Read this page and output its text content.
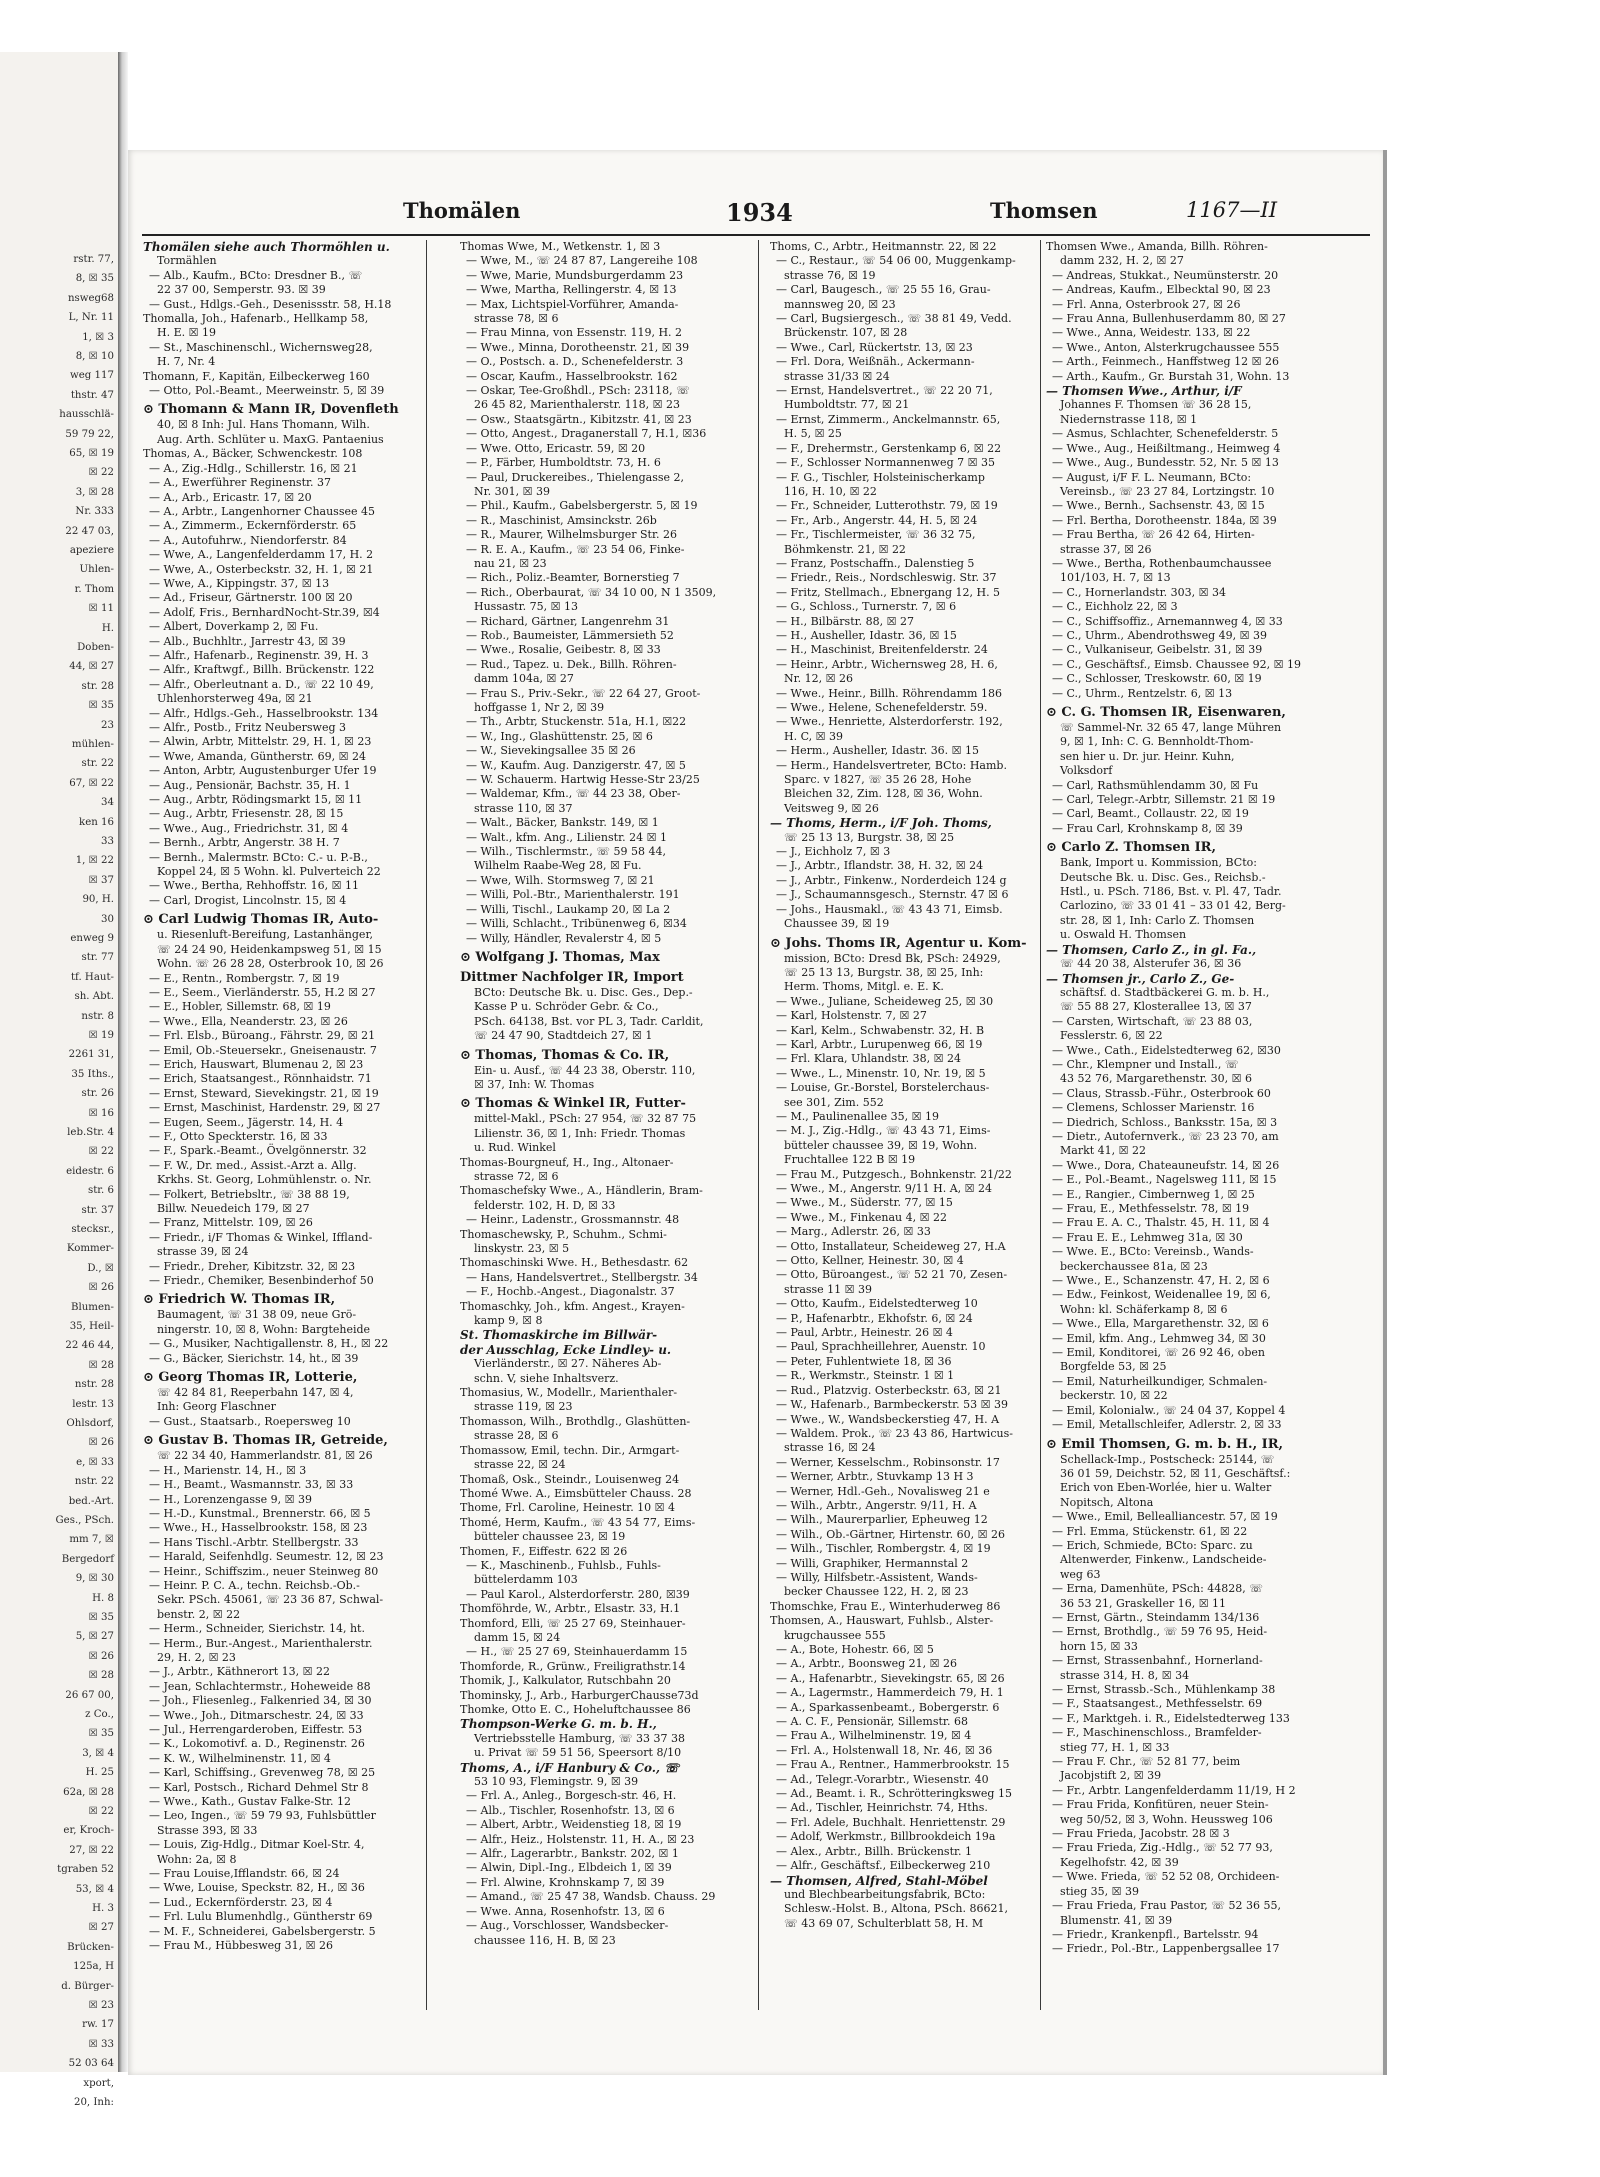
rstr. 77,
8, ☒ 35
nsweg68
L, Nr. 11
1, ☒ 3
8, ☒ 10
weg 117
thstr. 47
hausschlä-
59 79 22,
65, ☒ 19
☒ 22
3, ☒ 28
Nr. 333
22 47 03,
apeziere
Uhlen-
r. Thom
☒ 11
H.
Doben-
44, ☒ 27
str. 28
☒ 35
23
mühlen-
str. 22
67, ☒ 22
34
ken 16
33
1, ☒ 22
☒ 37
90, H.
30
enweg 9
str. 77
tf. Haut-
sh. Abt.
nstr. 8
☒ 19
2261 31,
35 Iths.,
str. 26
☒ 16
leb.Str. 4
☒ 22
eidestr. 6
str. 6
str. 37
stecksr.,
Kommer-
D., ☒
☒ 26
Blumen-
35, Heil-
22 46 44,
☒ 28
nstr. 28
lestr. 13
Ohlsdorf,
☒ 26
e, ☒ 33
nstr. 22
bed.-Art.
Ges., PSch.
mm 7, ☒
Bergedorf
9, ☒ 30
H. 8
☒ 35
5, ☒ 27
☒ 26
☒ 28
26 67 00,
z Co.,
☒ 35
3, ☒ 4
H. 25
62a, ☒ 28
☒ 22
er, Kroch-
27, ☒ 22
tgraben 52
53, ☒ 4
H. 3
☒ 27
Brücken-
125a, H
d. Bürger-
☒ 23
rw. 17
☒ 33
52 03 64
xport,
20, Inh:
Thomälen	1934	Thomsen	1167—II
Thomälen siehe auch Thormöhlen u.
Tormählen
— Alb., Kaufm., BCto: Dresdner B., ☏
22 37 00, Semperstr. 93. ☒ 39
— Gust., Hdlgs.-Geh., Desenissstr. 58, H.18
Thomalla, Joh., Hafenarb., Hellkamp 58,
H. E. ☒ 19
— St., Maschinenschl., Wichernsweg28,
H. 7, Nr. 4
Thomann, F., Kapitän, Eilbeckerweg 160
— Otto, Pol.-Beamt., Meerweinstr. 5, ☒ 39
⊙ Thomann & Mann IR, Dovenfleth
40, ☒ 8 Inh: Jul. Hans Thomann, Wilh.
Aug. Arth. Schlüter u. MaxG. Pantaenius
Thomas, A., Bäcker, Schwenckestr. 108
— A., Zig.-Hdlg., Schillerstr. 16, ☒ 21
— A., Ewerführer Reginenstr. 37
— A., Arb., Ericastr. 17, ☒ 20
— A., Arbtr., Langenhorner Chaussee 45
— A., Zimmerm., Eckernförderstr. 65
— A., Autofuhrw., Niendorferstr. 84
— Wwe, A., Langenfelderdamm 17, H. 2
— Wwe, A., Osterbeckstr. 32, H. 1, ☒ 21
— Wwe, A., Kippingstr. 37, ☒ 13
— Ad., Friseur, Gärtnerstr. 100 ☒ 20
— Adolf, Fris., BernhardNocht-Str.39, ☒4
— Albert, Doverkamp 2, ☒ Fu.
— Alb., Buchhltr., Jarrestr 43, ☒ 39
— Alfr., Hafenarb., Reginenstr. 39, H. 3
— Alfr., Kraftwgf., Billh. Brückenstr. 122
— Alfr., Oberleutnant a. D., ☏ 22 10 49,
Uhlenhorsterweg 49a, ☒ 21
— Alfr., Hdlgs.-Geh., Hasselbrookstr. 134
— Alfr., Postb., Fritz Neubersweg 3
— Alwin, Arbtr, Mittelstr. 29, H. 1, ☒ 23
— Wwe, Amanda, Güntherstr. 69, ☒ 24
— Anton, Arbtr, Augustenburger Ufer 19
— Aug., Pensionär, Bachstr. 35, H. 1
— Aug., Arbtr, Rödingsmarkt 15, ☒ 11
— Aug., Arbtr, Friesenstr. 28, ☒ 15
— Wwe., Aug., Friedrichstr. 31, ☒ 4
— Bernh., Arbtr, Angerstr. 38 H. 7
— Bernh., Malermstr. BCto: C.- u. P.-B.,
Koppel 24, ☒ 5 Wohn. kl. Pulverteich 22
— Wwe., Bertha, Rehhoffstr. 16, ☒ 11
— Carl, Drogist, Lincolnstr. 15, ☒ 4
⊙ Carl Ludwig Thomas IR, Auto-
u. Riesenluft-Bereifung, Lastanhänger,
☏ 24 24 90, Heidenkampsweg 51, ☒ 15
Wohn. ☏ 26 28 28, Osterbrook 10, ☒ 26
— E., Rentn., Rombergstr. 7, ☒ 19
— E., Seem., Vierländerstr. 55, H.2 ☒ 27
— E., Hobler, Sillemstr. 68, ☒ 19
— Wwe., Ella, Neanderstr. 23, ☒ 26
— Frl. Elsb., Büroang., Fährstr. 29, ☒ 21
— Emil, Ob.-Steuersekr., Gneisenaustr. 7
— Erich, Hauswart, Blumenau 2, ☒ 23
— Erich, Staatsangest., Rönnhaidstr. 71
— Ernst, Steward, Sievekingstr. 21, ☒ 19
— Ernst, Maschinist, Hardenstr. 29, ☒ 27
— Eugen, Seem., Jägerstr. 14, H. 4
— F., Otto Speckterstr. 16, ☒ 33
— F., Spark.-Beamt., Övelgönnerstr. 32
— F. W., Dr. med., Assist.-Arzt a. Allg.
Krkhs. St. Georg, Lohmühlenstr. o. Nr.
— Folkert, Betriebsltr., ☏ 38 88 19,
Billw. Neuedeich 179, ☒ 27
— Franz, Mittelstr. 109, ☒ 26
— Friedr., i/F Thomas & Winkel, Iffland-
strasse 39, ☒ 24
— Friedr., Dreher, Kibitzstr. 32, ☒ 23
— Friedr., Chemiker, Besenbinderhof 50
⊙ Friedrich W. Thomas IR,
Baumagent, ☏ 31 38 09, neue Grö-
ningerstr. 10, ☒ 8, Wohn: Bargteheide
— G., Musiker, Nachtigallenstr. 8, H., ☒ 22
— G., Bäcker, Sierichstr. 14, ht., ☒ 39
⊙ Georg Thomas IR, Lotterie,
☏ 42 84 81, Reeperbahn 147, ☒ 4,
Inh: Georg Flaschner
— Gust., Staatsarb., Roepersweg 10
⊙ Gustav B. Thomas IR, Getreide,
☏ 22 34 40, Hammerlandstr. 81, ☒ 26
— H., Marienstr. 14, H., ☒ 3
— H., Beamt., Wasmannstr. 33, ☒ 33
— H., Lorenzengasse 9, ☒ 39
— H.-D., Kunstmal., Brennerstr. 66, ☒ 5
— Wwe., H., Hasselbrookstr. 158, ☒ 23
— Hans Tischl.-Arbtr. Stellbergstr. 33
— Harald, Seifenhdlg. Seumestr. 12, ☒ 23
— Heinr., Schiffszim., neuer Steinweg 80
— Heinr. P. C. A., techn. Reichsb.-Ob.-
Sekr. PSch. 45061, ☏ 23 36 87, Schwal-
benstr. 2, ☒ 22
— Herm., Schneider, Sierichstr. 14, ht.
— Herm., Bur.-Angest., Marienthalerstr.
29, H. 2, ☒ 23
— J., Arbtr., Käthnerort 13, ☒ 22
— Jean, Schlachtermstr., Hoheweide 88
— Joh., Fliesenleg., Falkenried 34, ☒ 30
— Wwe., Joh., Ditmarschestr. 24, ☒ 33
— Jul., Herrengarderoben, Eiffestr. 53
— K., Lokomotivf. a. D., Reginenstr. 26
— K. W., Wilhelminenstr. 11, ☒ 4
— Karl, Schiffsing., Grevenweg 78, ☒ 25
— Karl, Postsch., Richard Dehmel Str 8
— Wwe., Kath., Gustav Falke-Str. 12
— Leo, Ingen., ☏ 59 79 93, Fuhlsbüttler
Strasse 393, ☒ 33
— Louis, Zig-Hdlg., Ditmar Koel-Str. 4,
Wohn: 2a, ☒ 8
— Frau Louise,Ifflandstr. 66, ☒ 24
— Wwe, Louise, Speckstr. 82, H., ☒ 36
— Lud., Eckernförderstr. 23, ☒ 4
— Frl. Lulu Blumenhdlg., Güntherstr 69
— M. F., Schneiderei, Gabelsbergerstr. 5
— Frau M., Hübbesweg 31, ☒ 26
Thomas Wwe, M., Wetkenstr. 1, ☒ 3
— Wwe, M., ☏ 24 87 87, Langereihe 108
— Wwe, Marie, Mundsburgerdamm 23
— Wwe, Martha, Rellingerstr. 4, ☒ 13
— Max, Lichtspiel-Vorführer, Amanda-
strasse 78, ☒ 6
— Frau Minna, von Essenstr. 119, H. 2
— Wwe., Minna, Dorotheenstr. 21, ☒ 39
— O., Postsch. a. D., Schenefelderstr. 3
— Oscar, Kaufm., Hasselbrookstr. 162
— Oskar, Tee-Großhdl., PSch: 23118, ☏
26 45 82, Marienthalerstr. 118, ☒ 23
— Osw., Staatsgärtn., Kibitzstr. 41, ☒ 23
— Otto, Angest., Draganerstall 7, H.1, ☒36
— Wwe. Otto, Ericastr. 59, ☒ 20
— P., Färber, Humboldtstr. 73, H. 6
— Paul, Druckereibes., Thielengasse 2,
Nr. 301, ☒ 39
— Phil., Kaufm., Gabelsbergerstr. 5, ☒ 19
— R., Maschinist, Amsinckstr. 26b
— R., Maurer, Wilhelmsburger Str. 26
— R. E. A., Kaufm., ☏ 23 54 06, Finke-
nau 21, ☒ 23
— Rich., Poliz.-Beamter, Bornerstieg 7
— Rich., Oberbaurat, ☏ 34 10 00, N 1 3509,
Hussastr. 75, ☒ 13
— Richard, Gärtner, Langenrehm 31
— Rob., Baumeister, Lämmersieth 52
— Wwe., Rosalie, Geibestr. 8, ☒ 33
— Rud., Tapez. u. Dek., Billh. Röhren-
damm 104a, ☒ 27
— Frau S., Priv.-Sekr., ☏ 22 64 27, Groot-
hoffgasse 1, Nr 2, ☒ 39
— Th., Arbtr, Stuckenstr. 51a, H.1, ☒22
— W., Ing., Glashüttenstr. 25, ☒ 6
— W., Sievekingsallee 35 ☒ 26
— W., Kaufm. Aug. Danzigerstr. 47, ☒ 5
— W. Schauerm. Hartwig Hesse-Str 23/25
— Waldemar, Kfm., ☏ 44 23 38, Ober-
strasse 110, ☒ 37
— Walt., Bäcker, Bankstr. 149, ☒ 1
— Walt., kfm. Ang., Lilienstr. 24 ☒ 1
— Wilh., Tischlermstr., ☏ 59 58 44,
Wilhelm Raabe-Weg 28, ☒ Fu.
— Wwe, Wilh. Stormsweg 7, ☒ 21
— Willi, Pol.-Btr., Marienthalerstr. 191
— Willi, Tischl., Laukamp 20, ☒ La 2
— Willi, Schlacht., Tribünenweg 6, ☒34
— Willy, Händler, Revalerstr 4, ☒ 5
⊙ Wolfgang J. Thomas, Max
Dittmer Nachfolger IR, Import
BCto: Deutsche Bk. u. Disc. Ges., Dep.-
Kasse P u. Schröder Gebr. & Co.,
PSch. 64138, Bst. vor PL 3, Tadr. Carldit,
☏ 24 47 90, Stadtdeich 27, ☒ 1
⊙ Thomas, Thomas & Co. IR,
Ein- u. Ausf., ☏ 44 23 38, Oberstr. 110,
☒ 37, Inh: W. Thomas
⊙ Thomas & Winkel IR, Futter-
mittel-Makl., PSch: 27 954, ☏ 32 87 75
Lilienstr. 36, ☒ 1, Inh: Friedr. Thomas
u. Rud. Winkel
Thomas-Bourgneuf, H., Ing., Altonaer-
strasse 72, ☒ 6
Thomaschefsky Wwe., A., Händlerin, Bram-
felderstr. 102, H. D, ☒ 33
— Heinr., Ladenstr., Grossmannstr. 48
Thomaschewsky, P., Schuhm., Schmi-
linskystr. 23, ☒ 5
Thomaschinski Wwe. H., Bethesdastr. 62
— Hans, Handelsvertret., Stellbergstr. 34
— F., Hochb.-Angest., Diagonalstr. 37
Thomaschky, Joh., kfm. Angest., Krayen-
kamp 9, ☒ 8
St. Thomaskirche im Billwär-
der Ausschlag, Ecke Lindley- u.
Vierländerstr., ☒ 27. Näheres Ab-
schn. V, siehe Inhaltsverz.
Thomasius, W., Modellr., Marienthaler-
strasse 119, ☒ 23
Thomasson, Wilh., Brothdlg., Glashütten-
strasse 28, ☒ 6
Thomassow, Emil, techn. Dir., Armgart-
strasse 22, ☒ 24
Thomaß, Osk., Steindr., Louisenweg 24
Thomé Wwe. A., Eimsbütteler Chauss. 28
Thome, Frl. Caroline, Heinestr. 10 ☒ 4
Thomé, Herm, Kaufm., ☏ 43 54 77, Eims-
bütteler chaussee 23, ☒ 19
Thomen, F., Eiffestr. 622 ☒ 26
— K., Maschinenb., Fuhlsb., Fuhls-
büttelerdamm 103
— Paul Karol., Alsterdorferstr. 280, ☒39
Thomföhrde, W., Arbtr., Elsastr. 33, H.1
Thomford, Elli, ☏ 25 27 69, Steinhauer-
damm 15, ☒ 24
— H., ☏ 25 27 69, Steinhauerdamm 15
Thomforde, R., Grünw., Freiligrathstr.14
Thomik, J., Kalkulator, Rutschbahn 20
Thominsky, J., Arb., HarburgerChausse73d
Thomke, Otto E. C., Hoheluftchaussee 86
Thompson-Werke G. m. b. H.,
Vertriebsstelle Hamburg, ☏ 33 37 38
u. Privat ☏ 59 51 56, Speersort 8/10
Thoms, A., i/F Hanbury & Co., ☏
53 10 93, Flemingstr. 9, ☒ 39
— Frl. A., Anleg., Borgesch-str. 46, H.
— Alb., Tischler, Rosenhofstr. 13, ☒ 6
— Albert, Arbtr., Weidenstieg 18, ☒ 19
— Alfr., Heiz., Holstenstr. 11, H. A., ☒ 23
— Alfr., Lagerarbtr., Bankstr. 202, ☒ 1
— Alwin, Dipl.-Ing., Elbdeich 1, ☒ 39
— Frl. Alwine, Krohnskamp 7, ☒ 39
— Amand., ☏ 25 47 38, Wandsb. Chauss. 29
— Wwe. Anna, Rosenhofstr. 13, ☒ 6
— Aug., Vorschlosser, Wandsbecker-
chaussee 116, H. B, ☒ 23
Thoms, C., Arbtr., Heitmannstr. 22, ☒ 22
— C., Restaur., ☏ 54 06 00, Muggenkamp-
strasse 76, ☒ 19
— Carl, Baugesch., ☏ 25 55 16, Grau-
mannsweg 20, ☒ 23
— Carl, Bugsiergesch., ☏ 38 81 49, Vedd.
Brückenstr. 107, ☒ 28
— Wwe., Carl, Rückertstr. 13, ☒ 23
— Frl. Dora, Weißnäh., Ackermann-
strasse 31/33 ☒ 24
— Ernst, Handelsvertret., ☏ 22 20 71,
Humboldtstr. 77, ☒ 21
— Ernst, Zimmerm., Anckelmannstr. 65,
H. 5, ☒ 25
— F., Drehermstr., Gerstenkamp 6, ☒ 22
— F., Schlosser Normannenweg 7 ☒ 35
— F. G., Tischler, Holsteinischerkamp
116, H. 10, ☒ 22
— Fr., Schneider, Lutterothstr. 79, ☒ 19
— Fr., Arb., Angerstr. 44, H. 5, ☒ 24
— Fr., Tischlermeister, ☏ 36 32 75,
Böhmkenstr. 21, ☒ 22
— Franz, Postschaffn., Dalenstieg 5
— Friedr., Reis., Nordschleswig. Str. 37
— Fritz, Stellmach., Ebnergang 12, H. 5
— G., Schloss., Turnerstr. 7, ☒ 6
— H., Bilbärstr. 88, ☒ 27
— H., Ausheller, Idastr. 36, ☒ 15
— H., Maschinist, Breitenfelderstr. 24
— Heinr., Arbtr., Wichernsweg 28, H. 6,
Nr. 12, ☒ 26
— Wwe., Heinr., Billh. Röhrendamm 186
— Wwe., Helene, Schenefelderstr. 59.
— Wwe., Henriette, Alsterdorferstr. 192,
H. C, ☒ 39
— Herm., Ausheller, Idastr. 36. ☒ 15
— Herm., Handelsvertreter, BCto: Hamb.
Sparc. v 1827, ☏ 35 26 28, Hohe
Bleichen 32, Zim. 128, ☒ 36, Wohn.
Veitsweg 9, ☒ 26
— Thoms, Herm., i/F Joh. Thoms,
☏ 25 13 13, Burgstr. 38, ☒ 25
— J., Eichholz 7, ☒ 3
— J., Arbtr., Iflandstr. 38, H. 32, ☒ 24
— J., Arbtr., Finkenw., Norderdeich 124 g
— J., Schaumannsgesch., Sternstr. 47 ☒ 6
— Johs., Hausmakl., ☏ 43 43 71, Eimsb.
Chaussee 39, ☒ 19
⊙ Johs. Thoms IR, Agentur u. Kom-
mission, BCto: Dresd Bk, PSch: 24929,
☏ 25 13 13, Burgstr. 38, ☒ 25, Inh:
Herm. Thoms, Mitgl. e. E. K.
— Wwe., Juliane, Scheideweg 25, ☒ 30
— Karl, Holstenstr. 7, ☒ 27
— Karl, Kelm., Schwabenstr. 32, H. B
— Karl, Arbtr., Lurupenweg 66, ☒ 19
— Frl. Klara, Uhlandstr. 38, ☒ 24
— Wwe., L., Minenstr. 10, Nr. 19, ☒ 5
— Louise, Gr.-Borstel, Borstelerchaus-
see 301, Zim. 552
— M., Paulinenallee 35, ☒ 19
— M. J., Zig.-Hdlg., ☏ 43 43 71, Eims-
bütteler chaussee 39, ☒ 19, Wohn.
Fruchtallee 122 B ☒ 19
— Frau M., Putzgesch., Bohnkenstr. 21/22
— Wwe., M., Angerstr. 9/11 H. A, ☒ 24
— Wwe., M., Süderstr. 77, ☒ 15
— Wwe., M., Finkenau 4, ☒ 22
— Marg., Adlerstr. 26, ☒ 33
— Otto, Installateur, Scheideweg 27, H.A
— Otto, Kellner, Heinestr. 30, ☒ 4
— Otto, Büroangest., ☏ 52 21 70, Zesen-
strasse 11 ☒ 39
— Otto, Kaufm., Eidelstedterweg 10
— P., Hafenarbtr., Ekhofstr. 6, ☒ 24
— Paul, Arbtr., Heinestr. 26 ☒ 4
— Paul, Sprachheillehrer, Auenstr. 10
— Peter, Fuhlentwiete 18, ☒ 36
— R., Werkmstr., Steinstr. 1 ☒ 1
— Rud., Platzvig. Osterbeckstr. 63, ☒ 21
— W., Hafenarb., Barmbeckerstr. 53 ☒ 39
— Wwe., W., Wandsbeckerstieg 47, H. A
— Waldem. Prok., ☏ 23 43 86, Hartwicus-
strasse 16, ☒ 24
— Werner, Kesselschm., Robinsonstr. 17
— Werner, Arbtr., Stuvkamp 13 H 3
— Werner, Hdl.-Geh., Novalisweg 21 e
— Wilh., Arbtr., Angerstr. 9/11, H. A
— Wilh., Maurerparlier, Epheuweg 12
— Wilh., Ob.-Gärtner, Hirtenstr. 60, ☒ 26
— Wilh., Tischler, Rombergstr. 4, ☒ 19
— Willi, Graphiker, Hermannstal 2
— Willy, Hilfsbetr.-Assistent, Wands-
becker Chaussee 122, H. 2, ☒ 23
Thomschke, Frau E., Winterhuderweg 86
Thomsen, A., Hauswart, Fuhlsb., Alster-
krugchaussee 555
— A., Bote, Hohestr. 66, ☒ 5
— A., Arbtr., Boonsweg 21, ☒ 26
— A., Hafenarbtr., Sievekingstr. 65, ☒ 26
— A., Lagermstr., Hammerdeich 79, H. 1
— A., Sparkassenbeamt., Bobergerstr. 6
— A. C. F., Pensionär, Sillemstr. 68
— Frau A., Wilhelminenstr. 19, ☒ 4
— Frl. A., Holstenwall 18, Nr. 46, ☒ 36
— Frau A., Rentner., Hammerbrookstr. 15
— Ad., Telegr.-Vorarbtr., Wiesenstr. 40
— Ad., Beamt. i. R., Schrötteringksweg 15
— Ad., Tischler, Heinrichstr. 74, Hths.
— Frl. Adele, Buchhalt. Henriettenstr. 29
— Adolf, Werkmstr., Billbrookdeich 19a
— Alex., Arbtr., Billh. Brückenstr. 1
— Alfr., Geschäftsf., Eilbeckerweg 210
— Thomsen, Alfred, Stahl-Möbel
und Blechbearbeitungsfabrik, BCto:
Schlesw.-Holst. B., Altona, PSch. 86621,
☏ 43 69 07, Schulterblatt 58, H. M
Thomsen Wwe., Amanda, Billh. Röhren-
damm 232, H. 2, ☒ 27
— Andreas, Stukkat., Neumünsterstr. 20
— Andreas, Kaufm., Elbecktal 90, ☒ 23
— Frl. Anna, Osterbrook 27, ☒ 26
— Frau Anna, Bullenhuserdamm 80, ☒ 27
— Wwe., Anna, Weidestr. 133, ☒ 22
— Wwe., Anton, Alsterkrugchaussee 555
— Arth., Feinmech., Hanffstweg 12 ☒ 26
— Arth., Kaufm., Gr. Burstah 31, Wohn. 13
— Thomsen Wwe., Arthur, i/F
Johannes F. Thomsen ☏ 36 28 15,
Niedernstrasse 118, ☒ 1
— Asmus, Schlachter, Schenefelderstr. 5
— Wwe., Aug., Heißiltmang., Heimweg 4
— Wwe., Aug., Bundesstr. 52, Nr. 5 ☒ 13
— August, i/F F. L. Neumann, BCto:
Vereinsb., ☏ 23 27 84, Lortzingstr. 10
— Wwe., Bernh., Sachsenstr. 43, ☒ 15
— Frl. Bertha, Dorotheenstr. 184a, ☒ 39
— Frau Bertha, ☏ 26 42 64, Hirten-
strasse 37, ☒ 26
— Wwe., Bertha, Rothenbaumchaussee
101/103, H. 7, ☒ 13
— C., Hornerlandstr. 303, ☒ 34
— C., Eichholz 22, ☒ 3
— C., Schiffsoffiz., Arnemannweg 4, ☒ 33
— C., Uhrm., Abendrothsweg 49, ☒ 39
— C., Vulkaniseur, Geibelstr. 31, ☒ 39
— C., Geschäftsf., Eimsb. Chaussee 92, ☒ 19
— C., Schlosser, Treskowstr. 60, ☒ 19
— C., Uhrm., Rentzelstr. 6, ☒ 13
⊙ C. G. Thomsen IR, Eisenwaren,
☏ Sammel-Nr. 32 65 47, lange Mühren
9, ☒ 1, Inh: C. G. Bennholdt-Thom-
sen hier u. Dr. jur. Heinr. Kuhn,
Volksdorf
— Carl, Rathsmühlendamm 30, ☒ Fu
— Carl, Telegr.-Arbtr, Sillemstr. 21 ☒ 19
— Carl, Beamt., Collaustr. 22, ☒ 19
— Frau Carl, Krohnskamp 8, ☒ 39
⊙ Carlo Z. Thomsen IR,
Bank, Import u. Kommission, BCto:
Deutsche Bk. u. Disc. Ges., Reichsb.-
Hstl., u. PSch. 7186, Bst. v. Pl. 47, Tadr.
Carlozino, ☏ 33 01 41 – 33 01 42, Berg-
str. 28, ☒ 1, Inh: Carlo Z. Thomsen
u. Oswald H. Thomsen
— Thomsen, Carlo Z., in gl. Fa.,
☏ 44 20 38, Alsterufer 36, ☒ 36
— Thomsen jr., Carlo Z., Ge-
schäftsf. d. Stadtbäckerei G. m. b. H.,
☏ 55 88 27, Klosterallee 13, ☒ 37
— Carsten, Wirtschaft, ☏ 23 88 03,
Fesslerstr. 6, ☒ 22
— Wwe., Cath., Eidelstedterweg 62, ☒30
— Chr., Klempner und Install., ☏
43 52 76, Margarethenstr. 30, ☒ 6
— Claus, Strassb.-Führ., Osterbrook 60
— Clemens, Schlosser Marienstr. 16
— Diedrich, Schloss., Banksstr. 15a, ☒ 3
— Dietr., Autofernverk., ☏ 23 23 70, am
Markt 41, ☒ 22
— Wwe., Dora, Chateauneufstr. 14, ☒ 26
— E., Pol.-Beamt., Nagelsweg 111, ☒ 15
— E., Rangier., Cimbernweg 1, ☒ 25
— Frau, E., Methfesselstr. 78, ☒ 19
— Frau E. A. C., Thalstr. 45, H. 11, ☒ 4
— Frau E. E., Lehmweg 31a, ☒ 30
— Wwe. E., BCto: Vereinsb., Wands-
beckerchaussee 81a, ☒ 23
— Wwe., E., Schanzenstr. 47, H. 2, ☒ 6
— Edw., Feinkost, Weidenallee 19, ☒ 6,
Wohn: kl. Schäferkamp 8, ☒ 6
— Wwe., Ella, Margarethenstr. 32, ☒ 6
— Emil, kfm. Ang., Lehmweg 34, ☒ 30
— Emil, Konditorei, ☏ 26 92 46, oben
Borgfelde 53, ☒ 25
— Emil, Naturheilkundiger, Schmalen-
beckerstr. 10, ☒ 22
— Emil, Kolonialw., ☏ 24 04 37, Koppel 4
— Emil, Metallschleifer, Adlerstr. 2, ☒ 33
⊙ Emil Thomsen, G. m. b. H., IR,
Schellack-Imp., Postscheck: 25144, ☏
36 01 59, Deichstr. 52, ☒ 11, Geschäftsf.:
Erich von Eben-Worlée, hier u. Walter
Nopitsch, Altona
— Wwe., Emil, Bellealliancestr. 57, ☒ 19
— Frl. Emma, Stückenstr. 61, ☒ 22
— Erich, Schmiede, BCto: Sparc. zu
Altenwerder, Finkenw., Landscheide-
weg 63
— Erna, Damenhüte, PSch: 44828, ☏
36 53 21, Graskeller 16, ☒ 11
— Ernst, Gärtn., Steindamm 134/136
— Ernst, Brothdlg., ☏ 59 76 95, Heid-
horn 15, ☒ 33
— Ernst, Strassenbahnf., Hornerland-
strasse 314, H. 8, ☒ 34
— Ernst, Strassb.-Sch., Mühlenkamp 38
— F., Staatsangest., Methfesselstr. 69
— F., Marktgeh. i. R., Eidelstedterweg 133
— F., Maschinenschloss., Bramfelder-
stieg 77, H. 1, ☒ 33
— Frau F. Chr., ☏ 52 81 77, beim
Jacobjstift 2, ☒ 39
— Fr., Arbtr. Langenfelderdamm 11/19, H 2
— Frau Frida, Konfitüren, neuer Stein-
weg 50/52, ☒ 3, Wohn. Heussweg 106
— Frau Frieda, Jacobstr. 28 ☒ 3
— Frau Frieda, Zig.-Hdlg., ☏ 52 77 93,
Kegelhofstr. 42, ☒ 39
— Wwe. Frieda, ☏ 52 52 08, Orchideen-
stieg 35, ☒ 39
— Frau Frieda, Frau Pastor, ☏ 52 36 55,
Blumenstr. 41, ☒ 39
— Friedr., Krankenpfl., Bartelsstr. 94
— Friedr., Pol.-Btr., Lappenbergsallee 17
